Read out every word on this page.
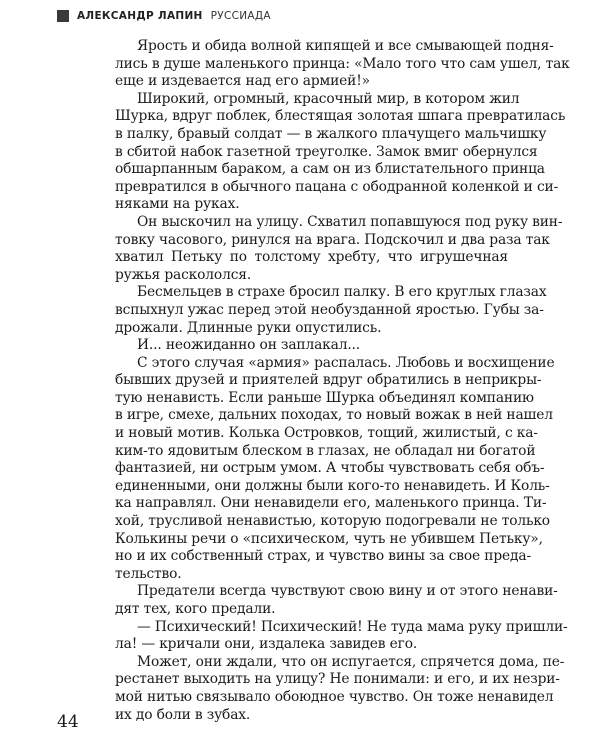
АЛЕКСАНДР ЛАПИН РУССИАДА
Ярость и обида волной кипящей и все смывающей подня-
лись в душе маленького принца: «Мало того что сам ушел, так
еще и издевается над его армией!»
Широкий, огромный, красочный мир, в котором жил
Шурка, вдруг поблек, блестящая золотая шпага превратилась
в палку, бравый солдат — в жалкого плачущего мальчишку
в сбитой набок газетной треуголке. Замок вмиг обернулся
обшарпанным бараком, а сам он из блистательного принца
превратился в обычного пацана с ободранной коленкой и си-
няками на руках.
Он выскочил на улицу. Схватил попавшуюся под руку вин-
товку часового, ринулся на врага. Подскочил и два раза так
хватил Петьку по толстому хребту, что игрушечная
ружья раскололся.
Бесмельцев в страхе бросил палку. В его круглых глазах
вспыхнул ужас перед этой необузданной яростью. Губы за-
дрожали. Длинные руки опустились.
И... неожиданно он заплакал...
С этого случая «армия» распалась. Любовь и восхищение
бывших друзей и приятелей вдруг обратились в неприкры-
тую ненависть. Если раньше Шурка объединял компанию
в игре, смехе, дальних походах, то новый вожак в ней нашел
и новый мотив. Колька Островков, тощий, жилистый, с ка-
ким-то ядовитым блеском в глазах, не обладал ни богатой
фантазией, ни острым умом. А чтобы чувствовать себя объ-
единенными, они должны были кого-то ненавидеть. И Коль-
ка направлял. Они ненавидели его, маленького принца. Ти-
хой, трусливой ненавистью, которую подогревали не только
Колькины речи о «психическом, чуть не убившем Петьку»,
но и их собственный страх, и чувство вины за свое преда-
тельство.
Предатели всегда чувствуют свою вину и от этого ненави-
дят тех, кого предали.
— Психический! Психический! Не туда мама руку пришли-
ла! — кричали они, издалека завидев его.
Может, они ждали, что он испугается, спрячется дома, пе-
рестанет выходить на улицу? Не понимали: и его, и их незри-
мой нитью связывало обоюдное чувство. Он тоже ненавидел
их до боли в зубах.
44
